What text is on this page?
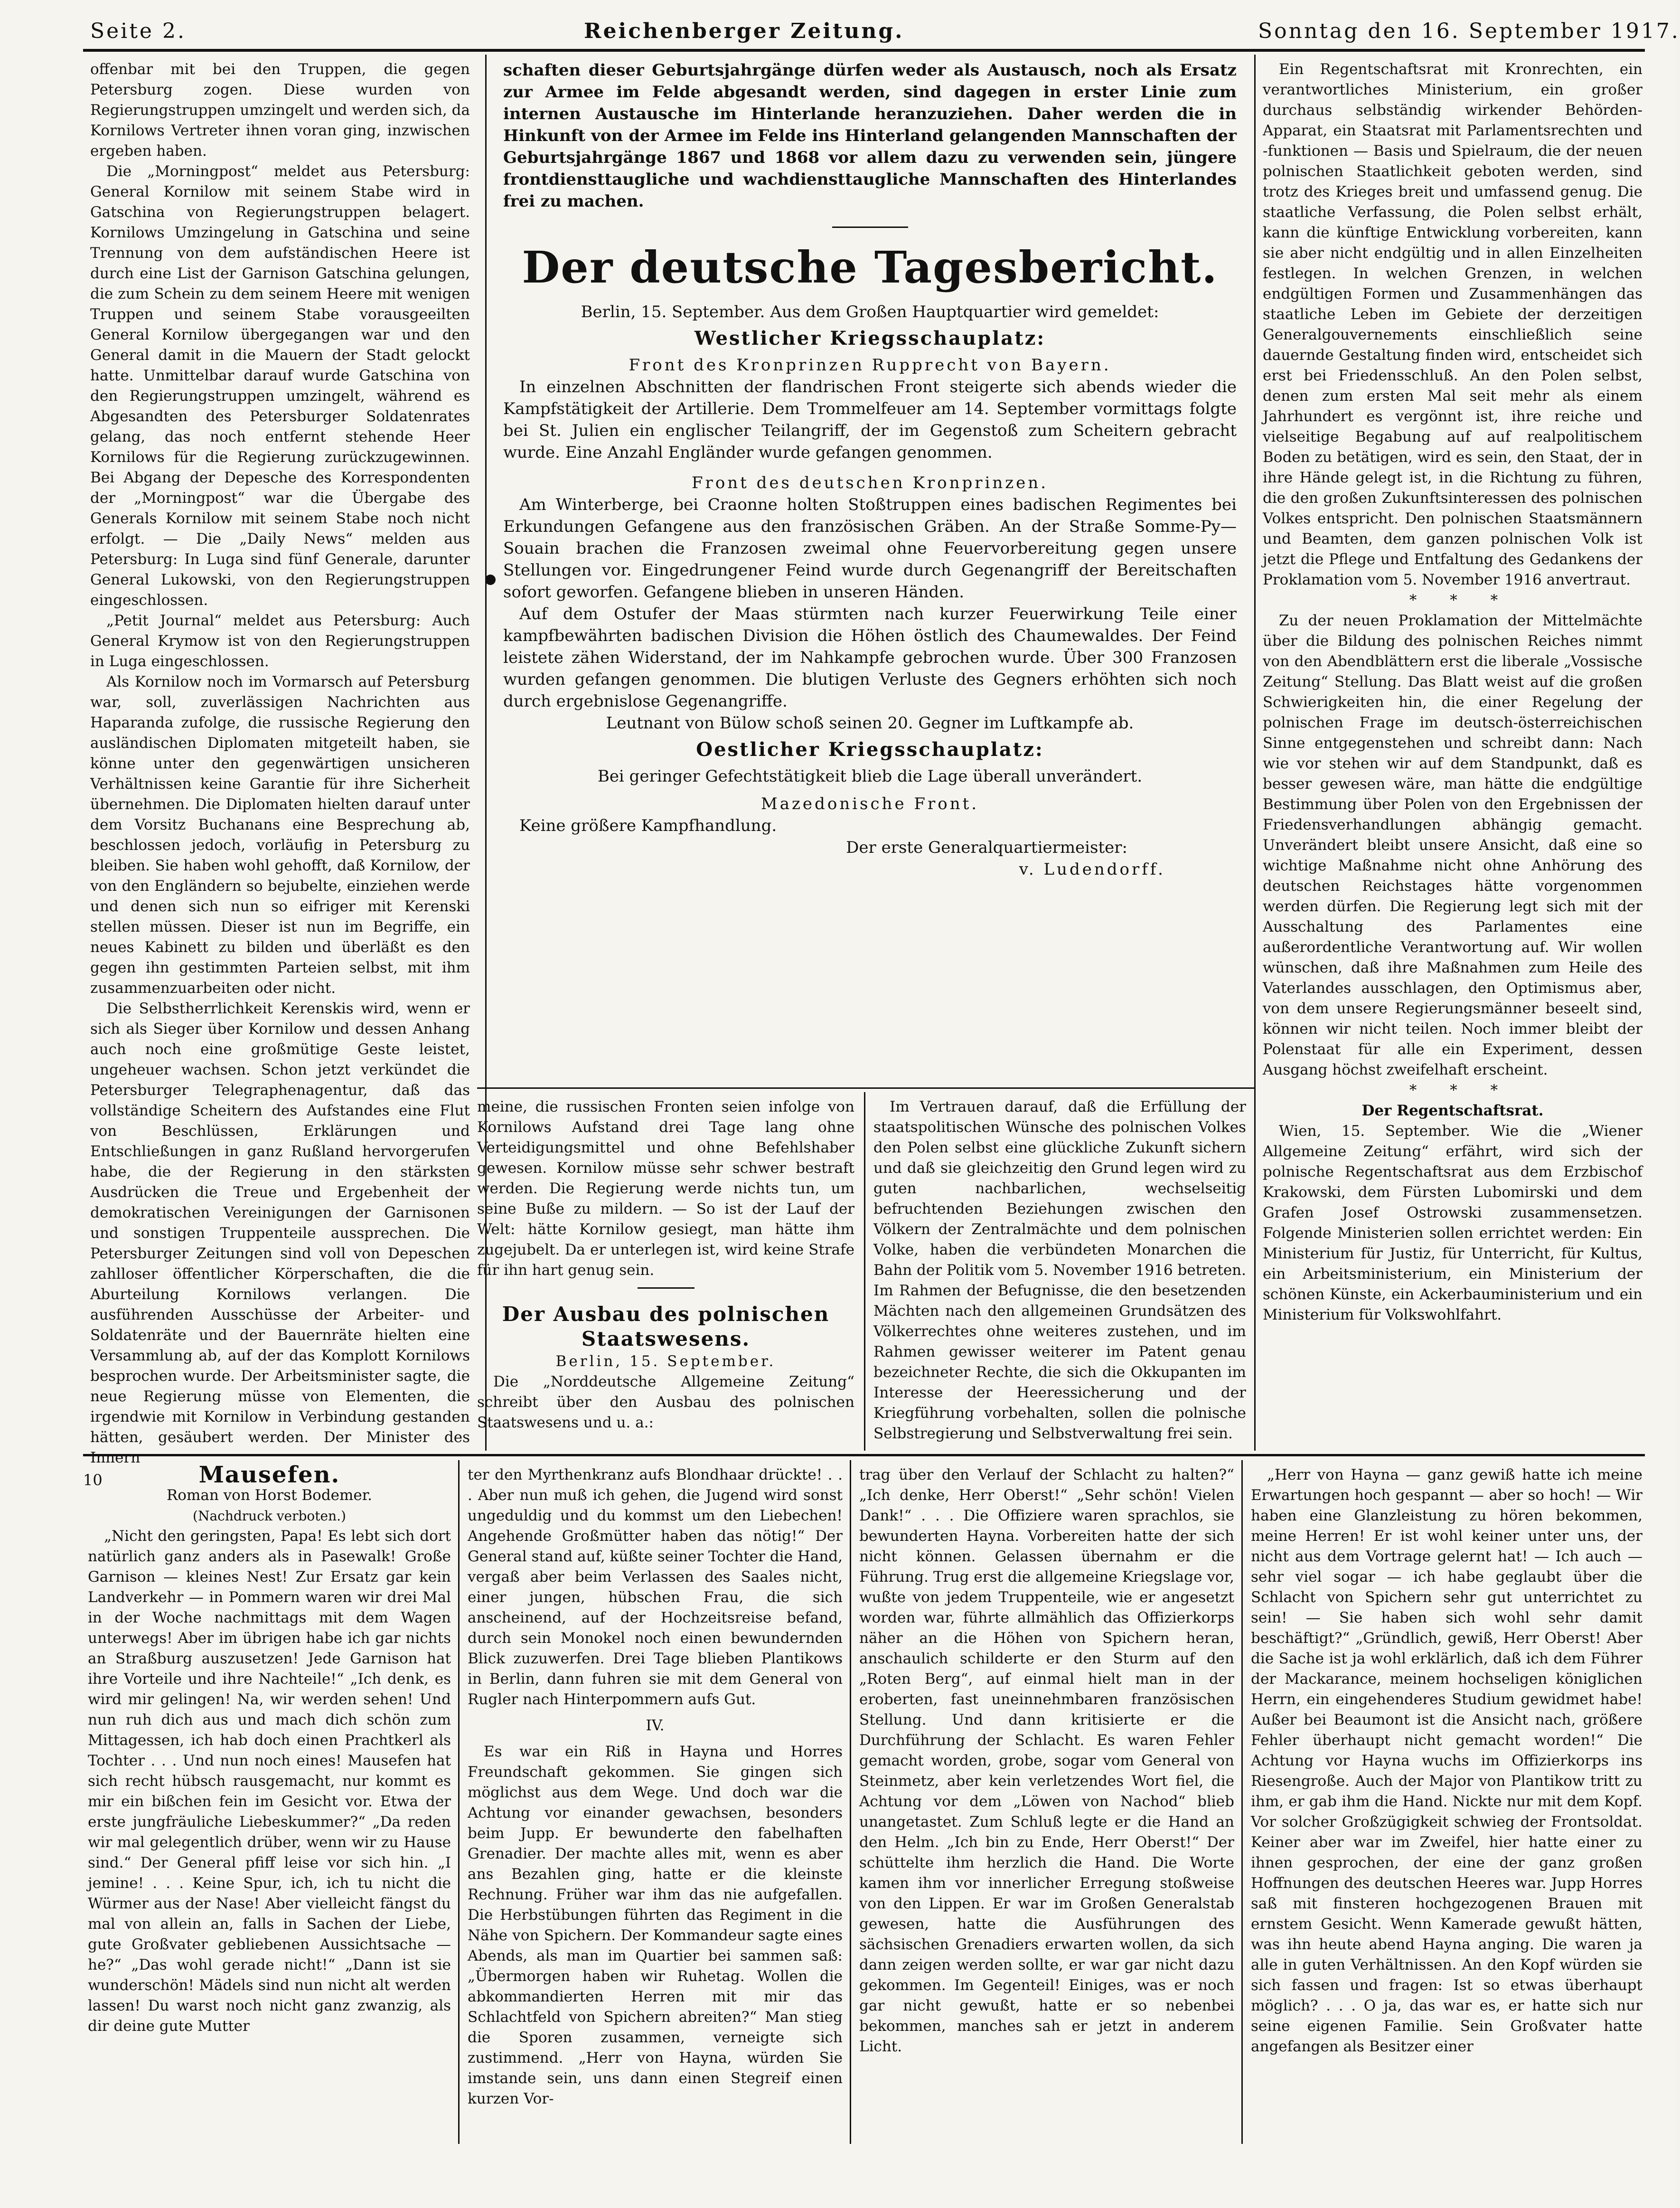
Seite 2.	Reichenberger Zeitung.	Sonntag den 16. September 1917.

offenbar mit bei den Truppen, die gegen Petersburg zogen. Diese wurden von Regierungstruppen umzingelt und werden sich, da Kornilows Vertreter ihnen voran ging, inzwischen ergeben haben.

Die „Morningpost“ meldet aus Petersburg: General Kornilow mit seinem Stabe wird in Gatschina von Regierungstruppen belagert. Kornilows Umzingelung in Gatschina und seine Trennung von dem aufständischen Heere ist durch eine List der Garnison Gatschina gelungen, die zum Schein zu dem seinem Heere mit wenigen Truppen und seinem Stabe vorausgeeilten General Kornilow übergegangen war und den General damit in die Mauern der Stadt gelockt hatte. Unmittelbar darauf wurde Gatschina von den Regierungstruppen umzingelt, während es Abgesandten des Petersburger Soldatenrates gelang, das noch entfernt stehende Heer Kornilows für die Regierung zurückzugewinnen. Bei Abgang der Depesche des Korrespondenten der „Morningpost“ war die Übergabe des Generals Kornilow mit seinem Stabe noch nicht erfolgt. — Die „Daily News“ melden aus Petersburg: In Luga sind fünf Generale, darunter General Lukowski, von den Regierungstruppen eingeschlossen.

„Petit Journal“ meldet aus Petersburg: Auch General Krymow ist von den Regierungstruppen in Luga eingeschlossen.

Als Kornilow noch im Vormarsch auf Petersburg war, soll, zuverlässigen Nachrichten aus Haparanda zufolge, die russische Regierung den ausländischen Diplomaten mitgeteilt haben, sie könne unter den gegenwärtigen unsicheren Verhältnissen keine Garantie für ihre Sicherheit übernehmen. Die Diplomaten hielten darauf unter dem Vorsitz Buchanans eine Besprechung ab, beschlossen jedoch, vorläufig in Petersburg zu bleiben. Sie haben wohl gehofft, daß Kornilow, der von den Engländern so bejubelte, einziehen werde und denen sich nun so eifriger mit Kerenski stellen müssen. Dieser ist nun im Begriffe, ein neues Kabinett zu bilden und überläßt es den gegen ihn gestimmten Parteien selbst, mit ihm zusammenzuarbeiten oder nicht.

Die Selbstherrlichkeit Kerenskis wird, wenn er sich als Sieger über Kornilow und dessen Anhang auch noch eine großmütige Geste leistet, ungeheuer wachsen. Schon jetzt verkündet die Petersburger Telegraphenagentur, daß das vollständige Scheitern des Aufstandes eine Flut von Beschlüssen, Erklärungen und Entschließungen in ganz Rußland hervorgerufen habe, die der Regierung in den stärksten Ausdrücken die Treue und Ergebenheit der demokratischen Vereinigungen der Garnisonen und sonstigen Truppenteile aussprechen. Die Petersburger Zeitungen sind voll von Depeschen zahlloser öffentlicher Körperschaften, die die Aburteilung Kornilows verlangen. Die ausführenden Ausschüsse der Arbeiter- und Soldatenräte und der Bauernräte hielten eine Versammlung ab, auf der das Komplott Kornilows besprochen wurde. Der Arbeitsminister sagte, die neue Regierung müsse von Elementen, die irgendwie mit Kornilow in Verbindung gestanden hätten, gesäubert werden. Der Minister des Innern

schaften dieser Geburtsjahrgänge dürfen weder als Austausch, noch als Ersatz zur Armee im Felde abgesandt werden, sind dagegen in erster Linie zum internen Austausche im Hinterlande heranzuziehen. Daher werden die in Hinkunft von der Armee im Felde ins Hinterland gelangenden Mannschaften der Geburtsjahrgänge 1867 und 1868 vor allem dazu zu verwenden sein, jüngere frontdiensttaugliche und wachdiensttaugliche Mannschaften des Hinterlandes frei zu machen.

Der deutsche Tagesbericht.

Berlin, 15. September. Aus dem Großen Hauptquartier wird gemeldet:

Westlicher Kriegsschauplatz:

Front des Kronprinzen Rupprecht von Bayern.

In einzelnen Abschnitten der flandrischen Front steigerte sich abends wieder die Kampfstätigkeit der Artillerie. Dem Trommelfeuer am 14. September vormittags folgte bei St. Julien ein englischer Teilangriff, der im Gegenstoß zum Scheitern gebracht wurde. Eine Anzahl Engländer wurde gefangen genommen.

Front des deutschen Kronprinzen.

Am Winterberge, bei Craonne holten Stoßtruppen eines badischen Regimentes bei Erkundungen Gefangene aus den französischen Gräben. An der Straße Somme-Py—Souain brachen die Franzosen zweimal ohne Feuervorbereitung gegen unsere Stellungen vor. Eingedrungener Feind wurde durch Gegenangriff der Bereitschaften sofort geworfen. Gefangene blieben in unseren Händen.

Auf dem Ostufer der Maas stürmten nach kurzer Feuerwirkung Teile einer kampfbewährten badischen Division die Höhen östlich des Chaumewaldes. Der Feind leistete zähen Widerstand, der im Nahkampfe gebrochen wurde. Über 300 Franzosen wurden gefangen genommen. Die blutigen Verluste des Gegners erhöhten sich noch durch ergebnislose Gegenangriffe.

Leutnant von Bülow schoß seinen 20. Gegner im Luftkampfe ab.

Oestlicher Kriegsschauplatz:

Bei geringer Gefechtstätigkeit blieb die Lage überall unverändert.

Mazedonische Front.

Keine größere Kampfhandlung.

Der erste Generalquartiermeister:

v. Ludendorff.

meine, die russischen Fronten seien infolge von Kornilows Aufstand drei Tage lang ohne Verteidigungsmittel und ohne Befehlshaber gewesen. Kornilow müsse sehr schwer bestraft werden. Die Regierung werde nichts tun, um seine Buße zu mildern. — So ist der Lauf der Welt: hätte Kornilow gesiegt, man hätte ihm zugejubelt. Da er unterlegen ist, wird keine Strafe für ihn hart genug sein.

Der Ausbau des polnischen Staatswesens.

Berlin, 15. September.

Die „Norddeutsche Allgemeine Zeitung“ schreibt über den Ausbau des polnischen Staatswesens und u. a.:

Im Vertrauen darauf, daß die Erfüllung der staatspolitischen Wünsche des polnischen Volkes den Polen selbst eine glückliche Zukunft sichern und daß sie gleichzeitig den Grund legen wird zu guten nachbarlichen, wechselseitig befruchtenden Beziehungen zwischen den Völkern der Zentralmächte und dem polnischen Volke, haben die verbündeten Monarchen die Bahn der Politik vom 5. November 1916 betreten. Im Rahmen der Befugnisse, die den besetzenden Mächten nach den allgemeinen Grundsätzen des Völkerrechtes ohne weiteres zustehen, und im Rahmen gewisser weiterer im Patent genau bezeichneter Rechte, die sich die Okkupanten im Interesse der Heeressicherung und der Kriegführung vorbehalten, sollen die polnische Selbstregierung und Selbstverwaltung frei sein.

Ein Regentschaftsrat mit Kronrechten, ein verantwortliches Ministerium, ein großer durchaus selbständig wirkender Behörden-Apparat, ein Staatsrat mit Parlamentsrechten und -funktionen — Basis und Spielraum, die der neuen polnischen Staatlichkeit geboten werden, sind trotz des Krieges breit und umfassend genug. Die staatliche Verfassung, die Polen selbst erhält, kann die künftige Entwicklung vorbereiten, kann sie aber nicht endgültig und in allen Einzelheiten festlegen. In welchen Grenzen, in welchen endgültigen Formen und Zusammenhängen das staatliche Leben im Gebiete der derzeitigen Generalgouvernements einschließlich seine dauernde Gestaltung finden wird, entscheidet sich erst bei Friedensschluß. An den Polen selbst, denen zum ersten Mal seit mehr als einem Jahrhundert es vergönnt ist, ihre reiche und vielseitige Begabung auf auf realpolitischem Boden zu betätigen, wird es sein, den Staat, der in ihre Hände gelegt ist, in die Richtung zu führen, die den großen Zukunftsinteressen des polnischen Volkes entspricht. Den polnischen Staatsmännern und Beamten, dem ganzen polnischen Volk ist jetzt die Pflege und Entfaltung des Gedankens der Proklamation vom 5. November 1916 anvertraut.

* * *

Zu der neuen Proklamation der Mittelmächte über die Bildung des polnischen Reiches nimmt von den Abendblättern erst die liberale „Vossische Zeitung“ Stellung. Das Blatt weist auf die großen Schwierigkeiten hin, die einer Regelung der polnischen Frage im deutsch-österreichischen Sinne entgegenstehen und schreibt dann: Nach wie vor stehen wir auf dem Standpunkt, daß es besser gewesen wäre, man hätte die endgültige Bestimmung über Polen von den Ergebnissen der Friedensverhandlungen abhängig gemacht. Unverändert bleibt unsere Ansicht, daß eine so wichtige Maßnahme nicht ohne Anhörung des deutschen Reichstages hätte vorgenommen werden dürfen. Die Regierung legt sich mit der Ausschaltung des Parlamentes eine außerordentliche Verantwortung auf. Wir wollen wünschen, daß ihre Maßnahmen zum Heile des Vaterlandes ausschlagen, den Optimismus aber, von dem unsere Regierungsmänner beseelt sind, können wir nicht teilen. Noch immer bleibt der Polenstaat für alle ein Experiment, dessen Ausgang höchst zweifelhaft erscheint.

* * *

Der Regentschaftsrat.

Wien, 15. September. Wie die „Wiener Allgemeine Zeitung“ erfährt, wird sich der polnische Regentschaftsrat aus dem Erzbischof Krakowski, dem Fürsten Lubomirski und dem Grafen Josef Ostrowski zusammensetzen. Folgende Ministerien sollen errichtet werden: Ein Ministerium für Justiz, für Unterricht, für Kultus, ein Arbeitsministerium, ein Ministerium der schönen Künste, ein Ackerbauministerium und ein Ministerium für Volkswohlfahrt.

10	Mausefen.

Roman von Horst Bodemer.

(Nachdruck verboten.)

„Nicht den geringsten, Papa! Es lebt sich dort natürlich ganz anders als in Pasewalk! Große Garnison — kleines Nest! Zur Ersatz gar kein Landverkehr — in Pommern waren wir drei Mal in der Woche nachmittags mit dem Wagen unterwegs! Aber im übrigen habe ich gar nichts an Straßburg auszusetzen! Jede Garnison hat ihre Vorteile und ihre Nachteile!“ „Ich denk, es wird mir gelingen! Na, wir werden sehen! Und nun ruh dich aus und mach dich schön zum Mittagessen, ich hab doch einen Prachtkerl als Tochter . . . Und nun noch eines! Mausefen hat sich recht hübsch rausgemacht, nur kommt es mir ein bißchen fein im Gesicht vor. Etwa der erste jungfräuliche Liebeskummer?“ „Da reden wir mal gelegentlich drüber, wenn wir zu Hause sind.“ Der General pfiff leise vor sich hin. „I jemine! . . . Keine Spur, ich, ich tu nicht die Würmer aus der Nase! Aber vielleicht fängst du mal von allein an, falls in Sachen der Liebe, gute Großvater gebliebenen Aussichtsache — he?“ „Das wohl gerade nicht!“ „Dann ist sie wunderschön! Mädels sind nun nicht alt werden lassen! Du warst noch nicht ganz zwanzig, als dir deine gute Mutter

ter den Myrthenkranz aufs Blondhaar drückte! . . . Aber nun muß ich gehen, die Jugend wird sonst ungeduldig und du kommst um den Liebechen! Angehende Großmütter haben das nötig!“ Der General stand auf, küßte seiner Tochter die Hand, vergaß aber beim Verlassen des Saales nicht, einer jungen, hübschen Frau, die sich anscheinend, auf der Hochzeitsreise befand, durch sein Monokel noch einen bewundernden Blick zuzuwerfen. Drei Tage blieben Plantikows in Berlin, dann fuhren sie mit dem General von Rugler nach Hinterpommern aufs Gut.

IV.

Es war ein Riß in Hayna und Horres Freundschaft gekommen. Sie gingen sich möglichst aus dem Wege. Und doch war die Achtung vor einander gewachsen, besonders beim Jupp. Er bewunderte den fabelhaften Grenadier. Der machte alles mit, wenn es aber ans Bezahlen ging, hatte er die kleinste Rechnung. Früher war ihm das nie aufgefallen. Die Herbstübungen führten das Regiment in die Nähe von Spichern. Der Kommandeur sagte eines Abends, als man im Quartier bei sammen saß: „Übermorgen haben wir Ruhetag. Wollen die abkommandierten Herren mit mir das Schlachtfeld von Spichern abreiten?“ Man stieg die Sporen zusammen, verneigte sich zustimmend. „Herr von Hayna, würden Sie imstande sein, uns dann einen Stegreif einen kurzen Vor-

trag über den Verlauf der Schlacht zu halten?“ „Ich denke, Herr Oberst!“ „Sehr schön! Vielen Dank!“ . . . Die Offiziere waren sprachlos, sie bewunderten Hayna. Vorbereiten hatte der sich nicht können. Gelassen übernahm er die Führung. Trug erst die allgemeine Kriegslage vor, wußte von jedem Truppenteile, wie er angesetzt worden war, führte allmählich das Offizierkorps näher an die Höhen von Spichern heran, anschaulich schilderte er den Sturm auf den „Roten Berg“, auf einmal hielt man in der eroberten, fast uneinnehmbaren französischen Stellung. Und dann kritisierte er die Durchführung der Schlacht. Es waren Fehler gemacht worden, grobe, sogar vom General von Steinmetz, aber kein verletzendes Wort fiel, die Achtung vor dem „Löwen von Nachod“ blieb unangetastet. Zum Schluß legte er die Hand an den Helm. „Ich bin zu Ende, Herr Oberst!“ Der schüttelte ihm herzlich die Hand. Die Worte kamen ihm vor innerlicher Erregung stoßweise von den Lippen. Er war im Großen Generalstab gewesen, hatte die Ausführungen des sächsischen Grenadiers erwarten wollen, da sich dann zeigen werden sollte, er war gar nicht dazu gekommen. Im Gegenteil! Einiges, was er noch gar nicht gewußt, hatte er so nebenbei bekommen, manches sah er jetzt in anderem Licht.

„Herr von Hayna — ganz gewiß hatte ich meine Erwartungen hoch gespannt — aber so hoch! — Wir haben eine Glanzleistung zu hören bekommen, meine Herren! Er ist wohl keiner unter uns, der nicht aus dem Vortrage gelernt hat! — Ich auch — sehr viel sogar — ich habe geglaubt über die Schlacht von Spichern sehr gut unterrichtet zu sein! — Sie haben sich wohl sehr damit beschäftigt?“ „Gründlich, gewiß, Herr Oberst! Aber die Sache ist ja wohl erklärlich, daß ich dem Führer der Mackarance, meinem hochseligen königlichen Herrn, ein eingehenderes Studium gewidmet habe! Außer bei Beaumont ist die Ansicht nach, größere Fehler überhaupt nicht gemacht worden!“ Die Achtung vor Hayna wuchs im Offizierkorps ins Riesengroße. Auch der Major von Plantikow tritt zu ihm, er gab ihm die Hand. Nickte nur mit dem Kopf. Vor solcher Großzügigkeit schwieg der Frontsoldat. Keiner aber war im Zweifel, hier hatte einer zu ihnen gesprochen, der eine der ganz großen Hoffnungen des deutschen Heeres war. Jupp Horres saß mit finsteren hochgezogenen Brauen mit ernstem Gesicht. Wenn Kamerade gewußt hätten, was ihn heute abend Hayna anging. Die waren ja alle in guten Verhältnissen. An den Kopf würden sie sich fassen und fragen: Ist so etwas überhaupt möglich? . . . O ja, das war es, er hatte sich nur seine eigenen Familie. Sein Großvater hatte angefangen als Besitzer einer
